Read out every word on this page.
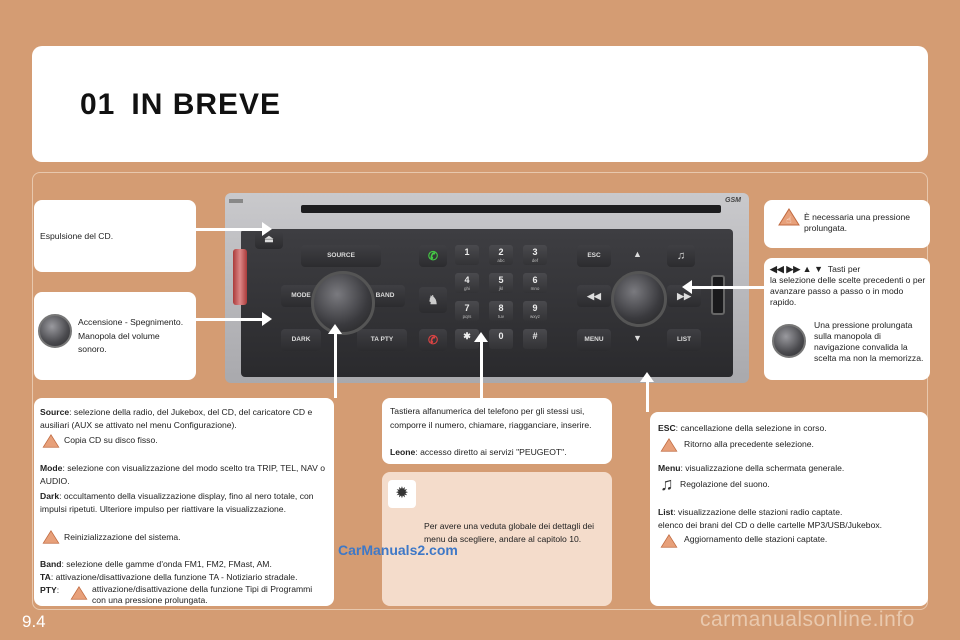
01 IN BREVE
Espulsione del CD.
Accensione - Spegnimento. Manopola del volume sonoro.
☝ È necessaria una pressione prolungata.
◀◀ ▶▶ ▲ ▼ Tasti per
la selezione delle scelte precedenti o per avanzare passo a passo o in modo rapido.
Una pressione prolungata sulla manopola di navigazione convalida la scelta ma non la memorizza.
GSM
⏏
SOURCE
MODE	BAND
DARK	TA PTY
✆
♞
✆
1	2
abc
3
def
4
ghi
5
jkl
6
mno
7
pqrs
8
tuv
9
wxyz
✱	0	#
ESC	♫
◀◀	▶▶
MENU	LIST
▲
▼
Source: selezione della radio, del Jukebox, del CD, del caricatore CD e ausiliari (AUX se attivato nel menu Configurazione).
Copia CD su disco fisso.
Mode: selezione con visualizzazione del modo scelto tra TRIP, TEL, NAV o AUDIO.
Dark: occultamento della visualizzazione display, fino al nero totale, con impulsi ripetuti. Ulteriore impulso per riattivare la visualizzazione.
Reinizializzazione del sistema.
Band: selezione delle gamme d'onda FM1, FM2, FMast, AM.
TA: attivazione/disattivazione della funzione TA - Notiziario stradale.
PTY:	attivazione/disattivazione della funzione Tipi di Programmi con una pressione prolungata.
Tastiera alfanumerica del telefono per gli stessi usi, comporre il numero, chiamare, riagganciare, inserire.
Leone: accesso diretto ai servizi "PEUGEOT".
✹
Per avere una veduta globale dei dettagli dei menu da scegliere, andare al capitolo 10.
CarManuals2.com
ESC: cancellazione della selezione in corso.
Ritorno alla precedente selezione.
Menu: visualizzazione della schermata generale.
♫ Regolazione del suono.
List: visualizzazione delle stazioni radio captate.
elenco dei brani del CD o delle cartelle MP3/USB/Jukebox.
Aggiornamento delle stazioni captate.
9.4	carmanualsonline.info
